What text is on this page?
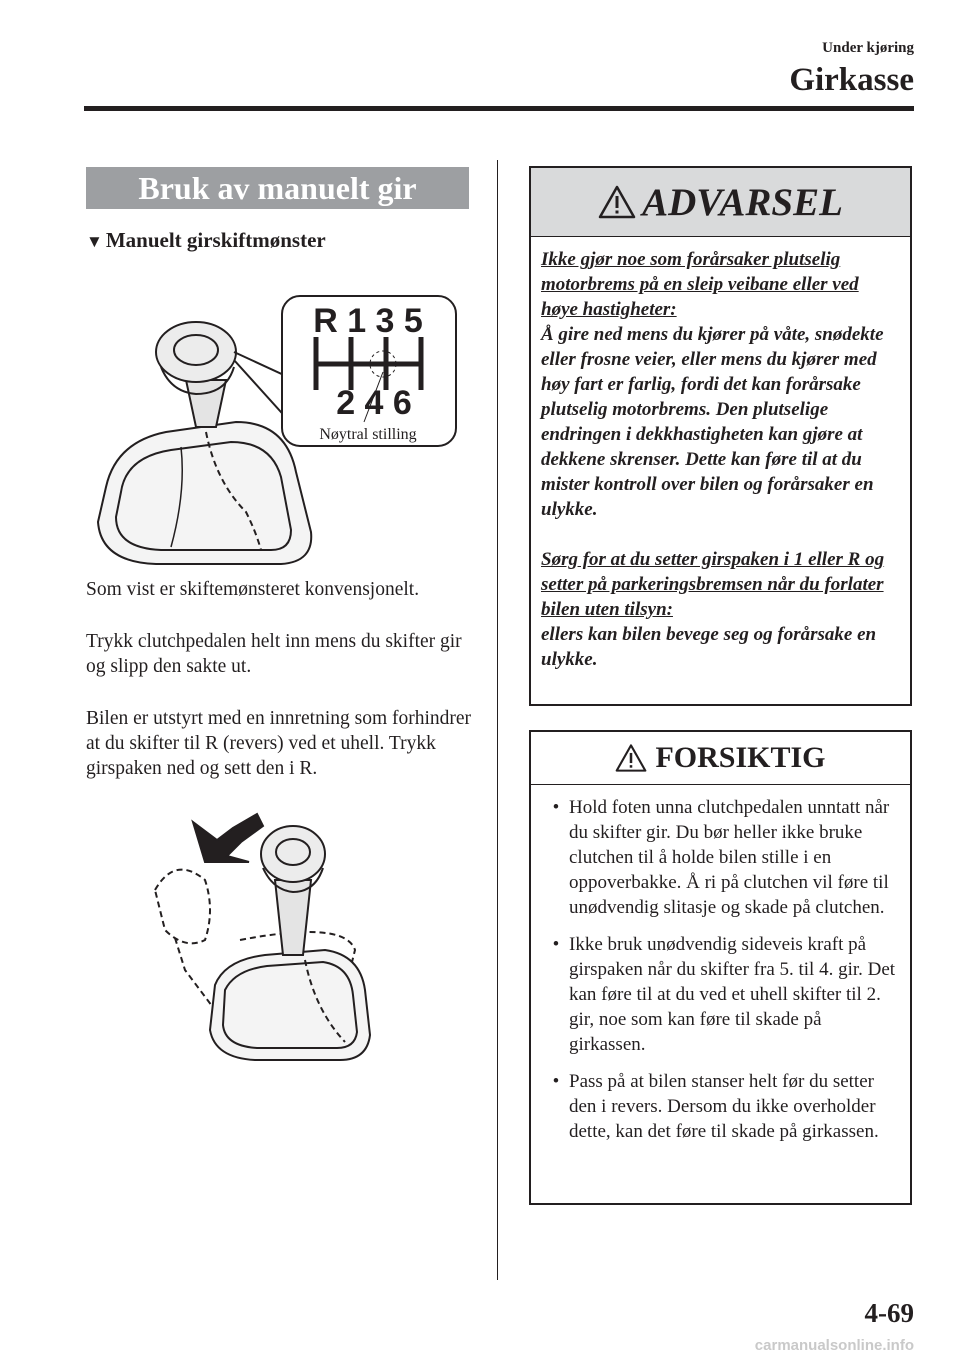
Under kjøring
Girkasse
Bruk av manuelt gir
▼ Manuelt girskiftmønster
R 1 3 5
2 4 6
Nøytral stilling

Som vist er skiftemønsteret konvensjonelt.

Trykk clutchpedalen helt inn mens du skifter gir og slipp den sakte ut.

Bilen er utstyrt med en innretning som forhindrer at du skifter til R (revers) ved et uhell. Trykk girspaken ned og sett den i R.

ADVARSEL

Ikke gjør noe som forårsaker plutselig motorbrems på en sleip veibane eller ved høye hastigheter:

Å gire ned mens du kjører på våte, snødekte eller frosne veier, eller mens du kjører med høy fart er farlig, fordi det kan forårsake plutselig motorbrems. Den plutselige endringen i dekkhastigheten kan gjøre at dekkene skrenser. Dette kan føre til at du mister kontroll over bilen og forårsaker en ulykke.

Sørg for at du setter girspaken i 1 eller R og setter på parkeringsbremsen når du forlater bilen uten tilsyn:

ellers kan bilen bevege seg og forårsake en ulykke.

FORSIKTIG
• Hold foten unna clutchpedalen unntatt når du skifter gir. Du bør heller ikke bruke clutchen til å holde bilen stille i en oppoverbakke. Å ri på clutchen vil føre til unødvendig slitasje og skade på clutchen.
• Ikke bruk unødvendig sideveis kraft på girspaken når du skifter fra 5. til 4. gir. Det kan føre til at du ved et uhell skifter til 2. gir, noe som kan føre til skade på girkassen.
• Pass på at bilen stanser helt før du setter den i revers. Dersom du ikke overholder dette, kan det føre til skade på girkassen.
4-69
carmanualsonline.info
